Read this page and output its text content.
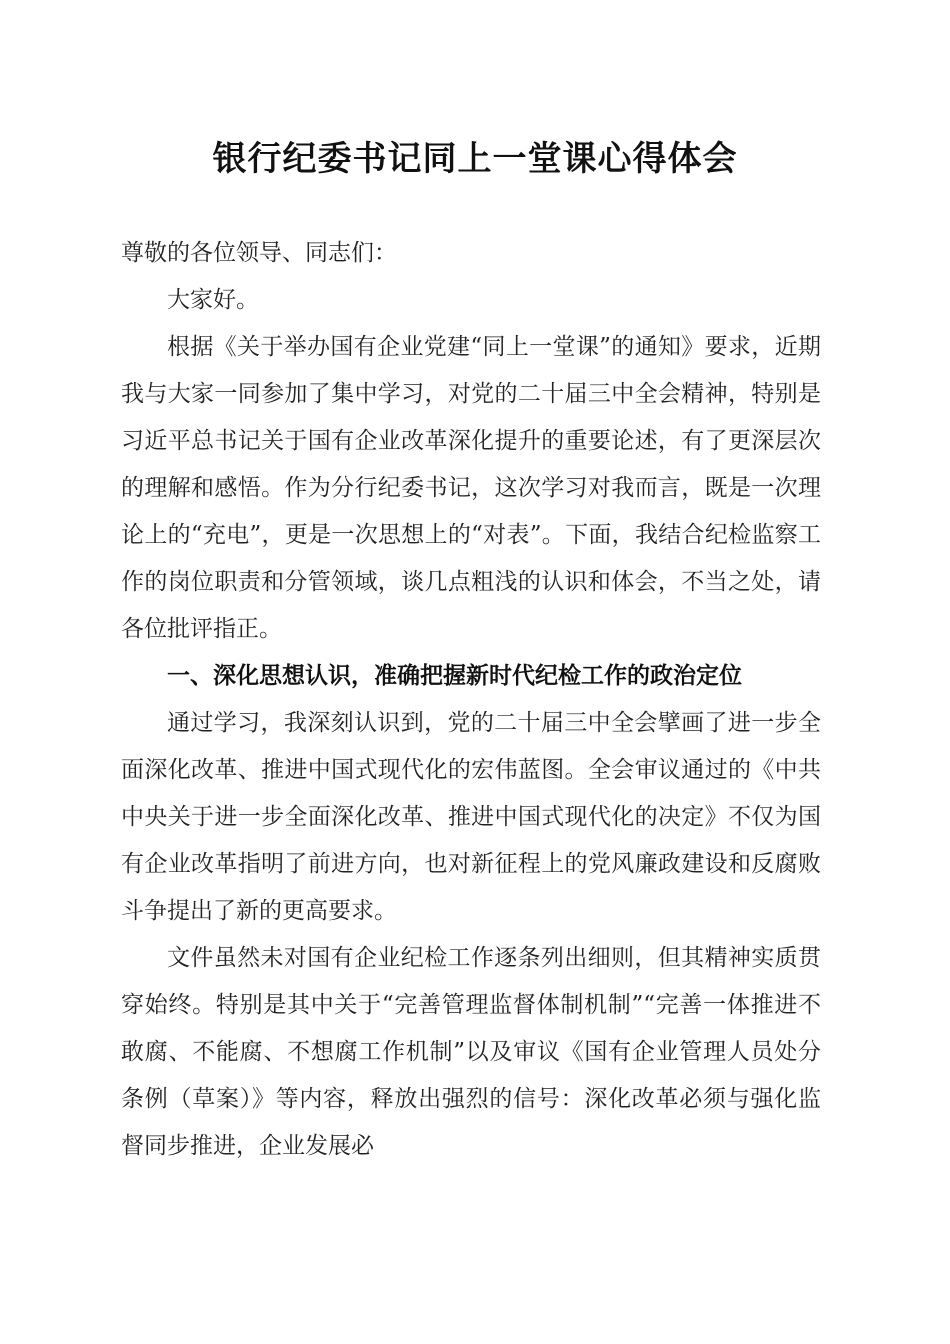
银行纪委书记同上一堂课心得体会

尊敬的各位领导、同志们：

大家好。

根据《关于举办国有企业党建“同上一堂课”的通知》要求，近期我与大家一同参加了集中学习，对党的二十届三中全会精神，特别是习近平总书记关于国有企业改革深化提升的重要论述，有了更深层次的理解和感悟。作为分行纪委书记，这次学习对我而言，既是一次理论上的“充电”，更是一次思想上的“对表”。下面，我结合纪检监察工作的岗位职责和分管领域，谈几点粗浅的认识和体会，不当之处，请各位批评指正。

一、深化思想认识，准确把握新时代纪检工作的政治定位

通过学习，我深刻认识到，党的二十届三中全会擘画了进一步全面深化改革、推进中国式现代化的宏伟蓝图。全会审议通过的《中共中央关于进一步全面深化改革、推进中国式现代化的决定》不仅为国有企业改革指明了前进方向，也对新征程上的党风廉政建设和反腐败斗争提出了新的更高要求。

文件虽然未对国有企业纪检工作逐条列出细则，但其精神实质贯穿始终。特别是其中关于“完善管理监督体制机制”“完善一体推进不敢腐、不能腐、不想腐工作机制”以及审议《国有企业管理人员处分条例（草案）》等内容，释放出强烈的信号：深化改革必须与强化监督同步推进，企业发展必
